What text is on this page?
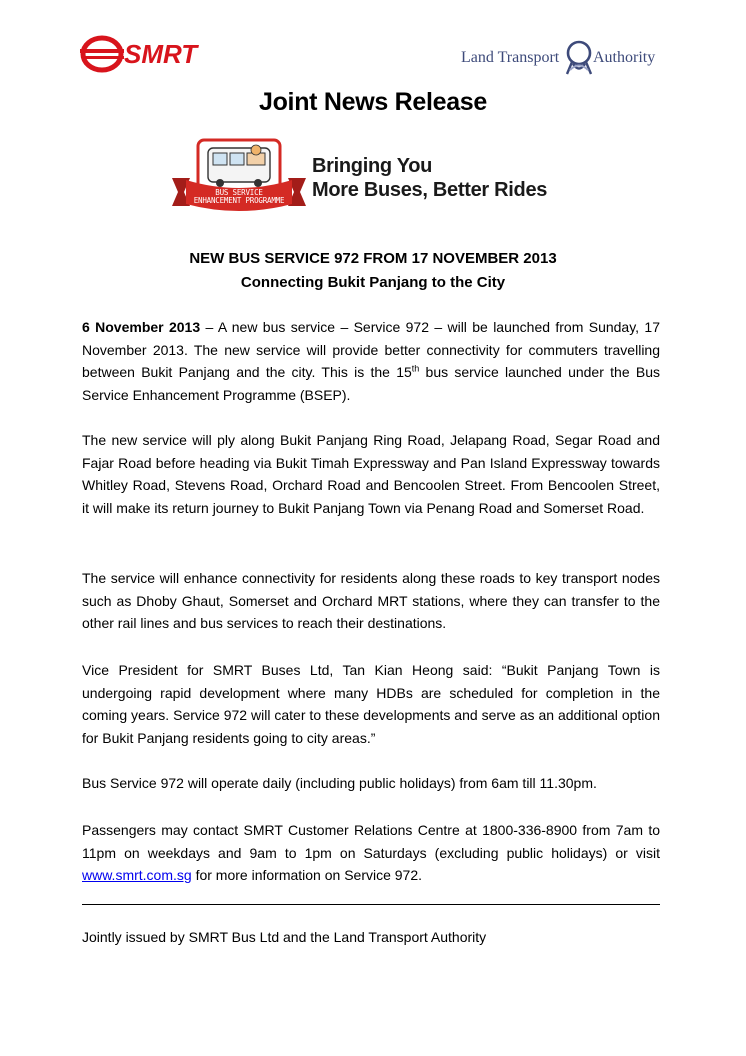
SMRT	Land Transport Authority
Joint News Release
BUS SERVICE
ENHANCEMENT PROGRAMME
Bringing You
More Buses, Better Rides
NEW BUS SERVICE 972 FROM 17 NOVEMBER 2013
Connecting Bukit Panjang to the City
6 November 2013 – A new bus service – Service 972 – will be launched from Sunday, 17 November 2013. The new service will provide better connectivity for commuters travelling between Bukit Panjang and the city. This is the 15th bus service launched under the Bus Service Enhancement Programme (BSEP).
The new service will ply along Bukit Panjang Ring Road, Jelapang Road, Segar Road and Fajar Road before heading via Bukit Timah Expressway and Pan Island Expressway towards Whitley Road, Stevens Road, Orchard Road and Bencoolen Street. From Bencoolen Street, it will make its return journey to Bukit Panjang Town via Penang Road and Somerset Road.
The service will enhance connectivity for residents along these roads to key transport nodes such as Dhoby Ghaut, Somerset and Orchard MRT stations, where they can transfer to the other rail lines and bus services to reach their destinations.
Vice President for SMRT Buses Ltd, Tan Kian Heong said: “Bukit Panjang Town is undergoing rapid development where many HDBs are scheduled for completion in the coming years. Service 972 will cater to these developments and serve as an additional option for Bukit Panjang residents going to city areas.”
Bus Service 972 will operate daily (including public holidays) from 6am till 11.30pm.
Passengers may contact SMRT Customer Relations Centre at 1800-336-8900 from 7am to 11pm on weekdays and 9am to 1pm on Saturdays (excluding public holidays) or visit www.smrt.com.sg for more information on Service 972.
Jointly issued by SMRT Bus Ltd and the Land Transport Authority
